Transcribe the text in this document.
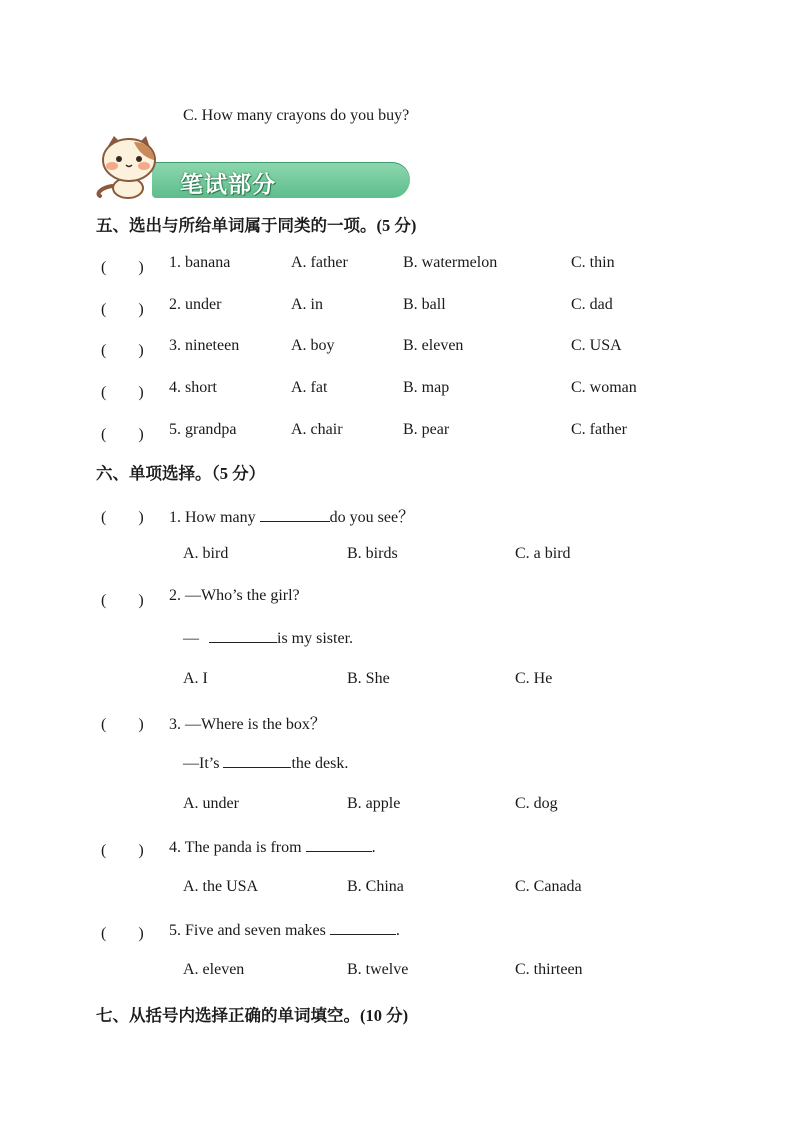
C. How many crayons do you buy?
笔试部分
五、选出与所给单词属于同类的一项。(5 分)
(　　) 1. banana	A. father	B. watermelon	C. thin
(　　) 2. under	A. in	B. ball	C. dad
(　　) 3. nineteen	A. boy	B. eleven	C. USA
(　　) 4. short	A. fat	B. map	C. woman
(　　) 5. grandpa	A. chair	B. pear	C. father
六、单项选择。（5 分）
(　　) 1. How many	do you see？
A. bird	B. birds	C. a bird
(　　) 2. —Who’s the girl?
—	is my sister.
A. I	B. She	C. He
(　　) 3. —Where is the box？
—It’s	the desk.
A. under	B. apple	C. dog
(　　) 4. The panda is from	.
A. the USA	B. China	C. Canada
(　　) 5. Five and seven makes	.
A. eleven	B. twelve	C. thirteen
七、从括号内选择正确的单词填空。(10 分)
